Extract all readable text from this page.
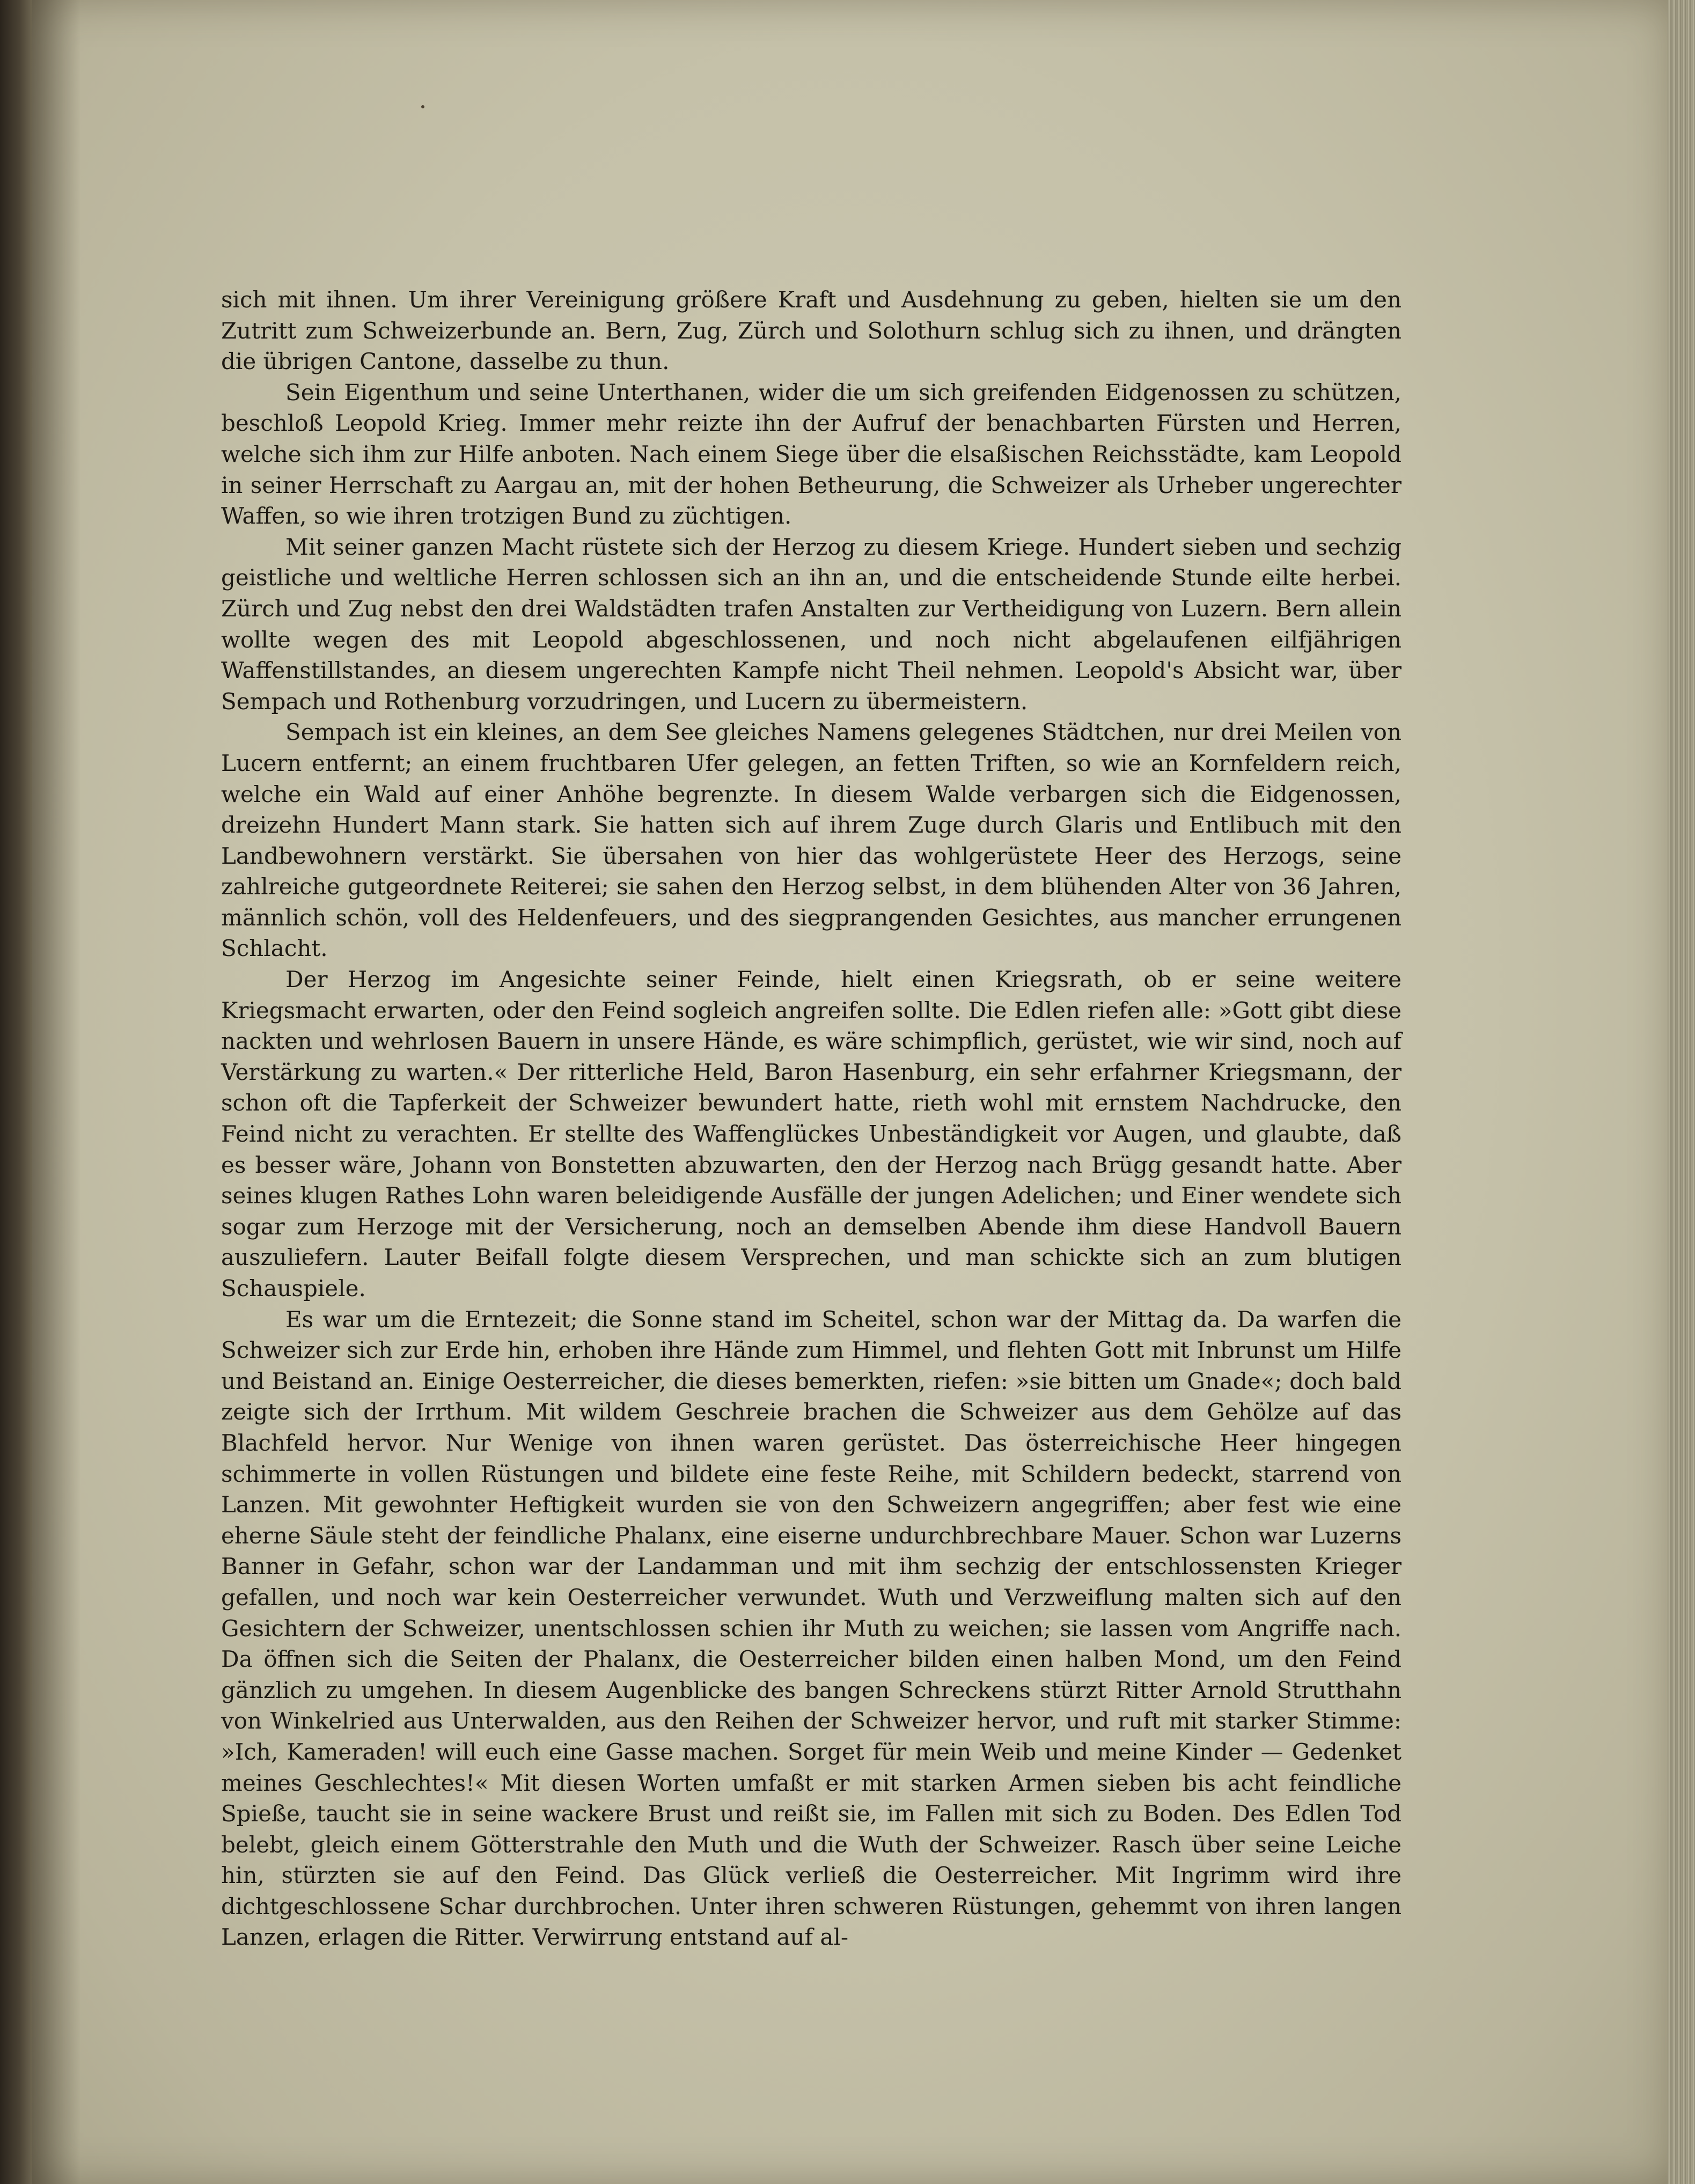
sich mit ihnen. Um ihrer Vereinigung größere Kraft und Ausdehnung zu geben, hielten sie um den Zutritt zum Schweizerbunde an. Bern, Zug, Zürch und Solothurn schlug sich zu ihnen, und drängten die übrigen Cantone, dasselbe zu thun.

Sein Eigenthum und seine Unterthanen, wider die um sich greifenden Eidgenossen zu schützen, beschloß Leopold Krieg. Immer mehr reizte ihn der Aufruf der benachbarten Fürsten und Herren, welche sich ihm zur Hilfe anboten. Nach einem Siege über die elsaßischen Reichsstädte, kam Leopold in seiner Herrschaft zu Aargau an, mit der hohen Betheurung, die Schweizer als Urheber ungerechter Waffen, so wie ihren trotzigen Bund zu züchtigen.

Mit seiner ganzen Macht rüstete sich der Herzog zu diesem Kriege. Hundert sieben und sechzig geistliche und weltliche Herren schlossen sich an ihn an, und die entscheidende Stunde eilte herbei. Zürch und Zug nebst den drei Waldstädten trafen Anstalten zur Vertheidigung von Luzern. Bern allein wollte wegen des mit Leopold abgeschlossenen, und noch nicht abgelaufenen eilfjährigen Waffenstillstandes, an diesem ungerechten Kampfe nicht Theil nehmen. Leopold's Absicht war, über Sempach und Rothenburg vorzudringen, und Lucern zu übermeistern.

Sempach ist ein kleines, an dem See gleiches Namens gelegenes Städtchen, nur drei Meilen von Lucern entfernt; an einem fruchtbaren Ufer gelegen, an fetten Triften, so wie an Kornfeldern reich, welche ein Wald auf einer Anhöhe begrenzte. In diesem Walde verbargen sich die Eidgenossen, dreizehn Hundert Mann stark. Sie hatten sich auf ihrem Zuge durch Glaris und Entlibuch mit den Landbewohnern verstärkt. Sie übersahen von hier das wohlgerüstete Heer des Herzogs, seine zahlreiche gutgeordnete Reiterei; sie sahen den Herzog selbst, in dem blühenden Alter von 36 Jahren, männlich schön, voll des Heldenfeuers, und des siegprangenden Gesichtes, aus mancher errungenen Schlacht.

Der Herzog im Angesichte seiner Feinde, hielt einen Kriegsrath, ob er seine weitere Kriegsmacht erwarten, oder den Feind sogleich angreifen sollte. Die Edlen riefen alle: »Gott gibt diese nackten und wehrlosen Bauern in unsere Hände, es wäre schimpflich, gerüstet, wie wir sind, noch auf Verstärkung zu warten.« Der ritterliche Held, Baron Hasenburg, ein sehr erfahrner Kriegsmann, der schon oft die Tapferkeit der Schweizer bewundert hatte, rieth wohl mit ernstem Nachdrucke, den Feind nicht zu verachten. Er stellte des Waffenglückes Unbeständigkeit vor Augen, und glaubte, daß es besser wäre, Johann von Bonstetten abzuwarten, den der Herzog nach Brügg gesandt hatte. Aber seines klugen Rathes Lohn waren beleidigende Ausfälle der jungen Adelichen; und Einer wendete sich sogar zum Herzoge mit der Versicherung, noch an demselben Abende ihm diese Handvoll Bauern auszuliefern. Lauter Beifall folgte diesem Versprechen, und man schickte sich an zum blutigen Schauspiele.

Es war um die Erntezeit; die Sonne stand im Scheitel, schon war der Mittag da. Da warfen die Schweizer sich zur Erde hin, erhoben ihre Hände zum Himmel, und flehten Gott mit Inbrunst um Hilfe und Beistand an. Einige Oesterreicher, die dieses bemerkten, riefen: »sie bitten um Gnade«; doch bald zeigte sich der Irrthum. Mit wildem Geschreie brachen die Schweizer aus dem Gehölze auf das Blachfeld hervor. Nur Wenige von ihnen waren gerüstet. Das österreichische Heer hingegen schimmerte in vollen Rüstungen und bildete eine feste Reihe, mit Schildern bedeckt, starrend von Lanzen. Mit gewohnter Heftigkeit wurden sie von den Schweizern angegriffen; aber fest wie eine eherne Säule steht der feindliche Phalanx, eine eiserne undurchbrechbare Mauer. Schon war Luzerns Banner in Gefahr, schon war der Landamman und mit ihm sechzig der entschlossensten Krieger gefallen, und noch war kein Oesterreicher verwundet. Wuth und Verzweiflung malten sich auf den Gesichtern der Schweizer, unentschlossen schien ihr Muth zu weichen; sie lassen vom Angriffe nach. Da öffnen sich die Seiten der Phalanx, die Oesterreicher bilden einen halben Mond, um den Feind gänzlich zu umgehen. In diesem Augenblicke des bangen Schreckens stürzt Ritter Arnold Strutthahn von Winkelried aus Unterwalden, aus den Reihen der Schweizer hervor, und ruft mit starker Stimme: »Ich, Kameraden! will euch eine Gasse machen. Sorget für mein Weib und meine Kinder — Gedenket meines Geschlechtes!« Mit diesen Worten umfaßt er mit starken Armen sieben bis acht feindliche Spieße, taucht sie in seine wackere Brust und reißt sie, im Fallen mit sich zu Boden. Des Edlen Tod belebt, gleich einem Götterstrahle den Muth und die Wuth der Schweizer. Rasch über seine Leiche hin, stürzten sie auf den Feind. Das Glück verließ die Oesterreicher. Mit Ingrimm wird ihre dichtgeschlossene Schar durchbrochen. Unter ihren schweren Rüstungen, gehemmt von ihren langen Lanzen, erlagen die Ritter. Verwirrung entstand auf al-
